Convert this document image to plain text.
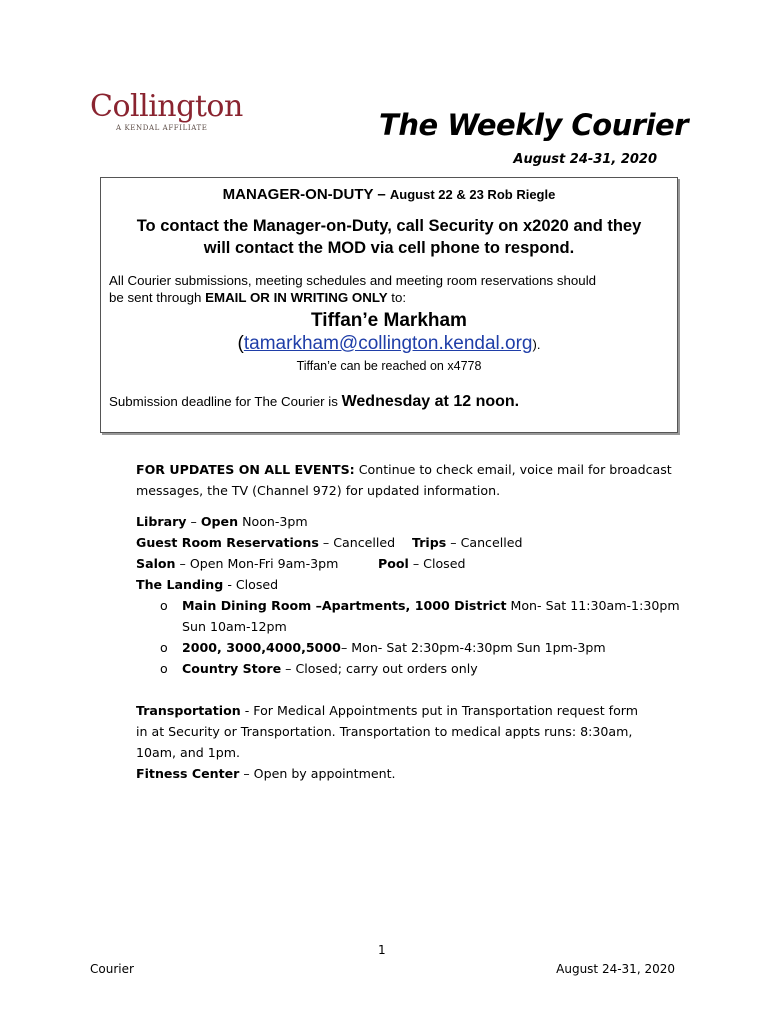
Collington
A KENDAL AFFILIATE	The Weekly Courier
August 24-31, 2020
MANAGER-ON-DUTY – August 22 & 23 Rob Riegle
To contact the Manager-on-Duty, call Security on x2020 and they
will contact the MOD via cell phone to respond.
All Courier submissions, meeting schedules and meeting room reservations should
be sent through EMAIL OR IN WRITING ONLY to:
Tiffan’e Markham
(tamarkham@collington.kendal.org).
Tiffan’e can be reached on x4778
Submission deadline for The Courier is Wednesday at 12 noon.

FOR UPDATES ON ALL EVENTS: Continue to check email, voice mail for broadcast
messages, the TV (Channel 972) for updated information.

Library – Open Noon-3pm

Guest Room Reservations – Cancelled	Trips – Cancelled
Salon – Open Mon-Fri 9am-3pm	Pool – Closed

The Landing - Closed

o Main Dining Room –Apartments, 1000 District Mon- Sat 11:30am-1:30pm
Sun 10am-12pm
o 2000, 3000,4000,5000– Mon- Sat 2:30pm-4:30pm Sun 1pm-3pm
o Country Store – Closed; carry out orders only

Transportation - For Medical Appointments put in Transportation request form
in at Security or Transportation. Transportation to medical appts runs: 8:30am,
10am, and 1pm.

Fitness Center – Open by appointment.

1
Courier	August 24-31, 2020
